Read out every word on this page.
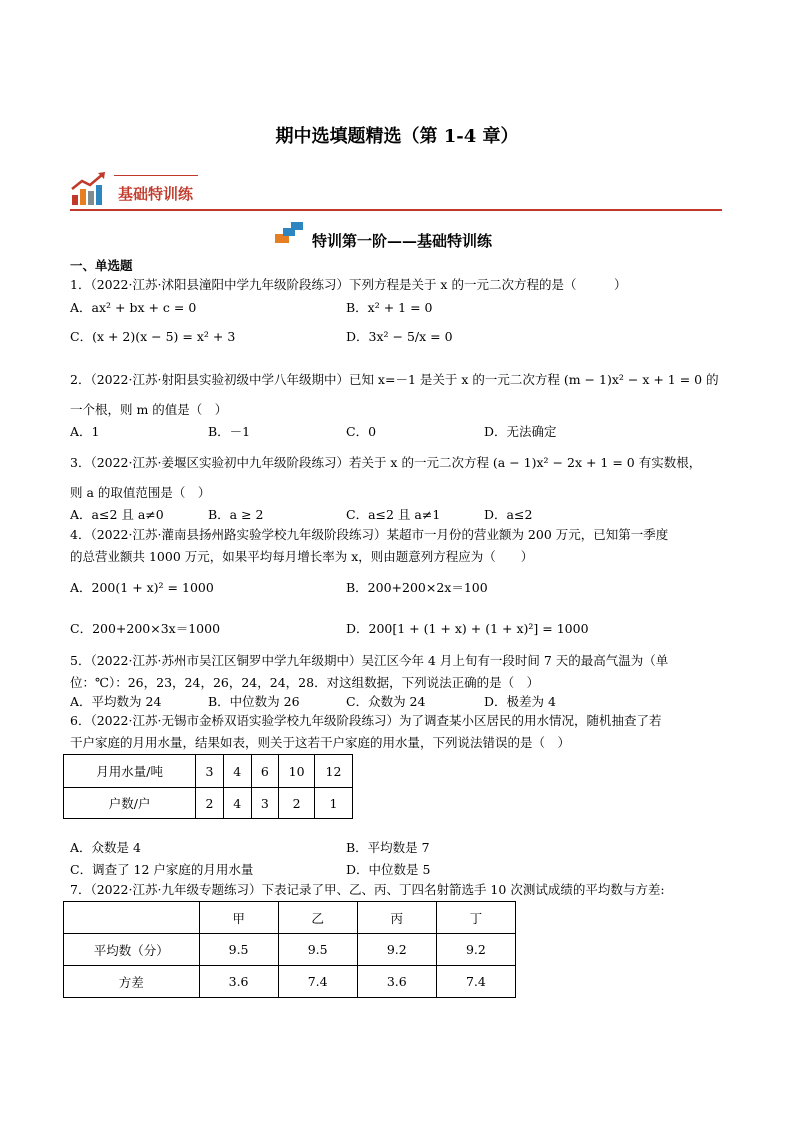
期中选填题精选（第 1-4 章）
基础特训练
特训第一阶——基础特训练
一、单选题
1．（2022·江苏·沭阳县潼阳中学九年级阶段练习）下列方程是关于 x 的一元二次方程的是（　　　）
A．ax² + bx + c = 0	B．x² + 1 = 0
C．(x + 2)(x − 5) = x² + 3	D．3x² − 5/x = 0
2．（2022·江苏·射阳县实验初级中学八年级期中）已知 x=－1 是关于 x 的一元二次方程 (m − 1)x² − x + 1 = 0 的
一个根，则 m 的值是（　）
A．1	B．－1	C．0	D．无法确定
3．（2022·江苏·姜堰区实验初中九年级阶段练习）若关于 x 的一元二次方程 (a − 1)x² − 2x + 1 = 0 有实数根，
则 a 的取值范围是（　）
A．a≤2 且 a≠0	B．a ≥ 2	C．a≤2 且 a≠1	D．a≤2
4．（2022·江苏·灌南县扬州路实验学校九年级阶段练习）某超市一月份的营业额为 200 万元，已知第一季度
的总营业额共 1000 万元，如果平均每月增长率为 x，则由题意列方程应为（　　）
A．200(1 + x)² = 1000	B．200+200×2x＝100
C．200+200×3x＝1000	D．200[1 + (1 + x) + (1 + x)²] = 1000
5．（2022·江苏·苏州市吴江区铜罗中学九年级期中）吴江区今年 4 月上旬有一段时间 7 天的最高气温为（单
位：℃）：26，23，24，26，24，24，28．对这组数据，下列说法正确的是（　）
A．平均数为 24	B．中位数为 26	C．众数为 24	D．极差为 4
6．（2022·江苏·无锡市金桥双语实验学校九年级阶段练习）为了调查某小区居民的用水情况，随机抽查了若
干户家庭的月用水量，结果如表，则关于这若干户家庭的用水量，下列说法错误的是（　）
月用水量/吨	3	4	6	10	12
户数/户	2	4	3	2	1
A．众数是 4	B．平均数是 7
C．调查了 12 户家庭的月用水量	D．中位数是 5
7．（2022·江苏·九年级专题练习）下表记录了甲、乙、丙、丁四名射箭选手 10 次测试成绩的平均数与方差:
	甲	乙	丙	丁
平均数（分）	9.5	9.5	9.2	9.2
方差	3.6	7.4	3.6	7.4
